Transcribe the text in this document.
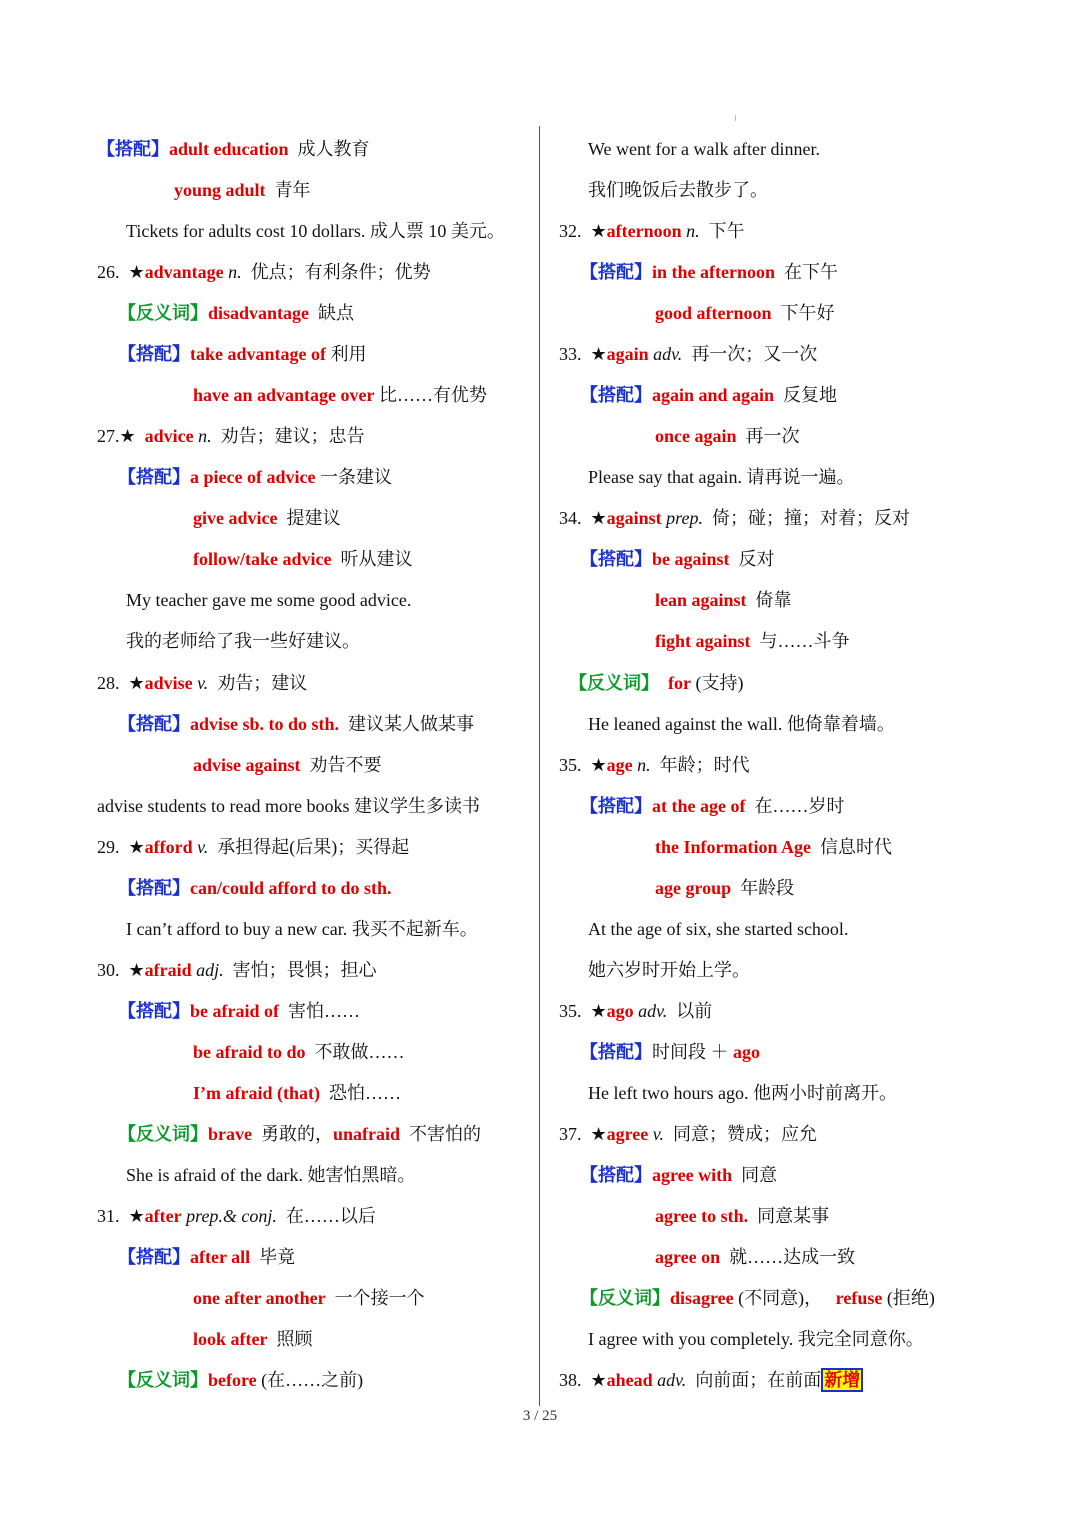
【搭配】adult education 成人教育
young adult 青年
Tickets for adults cost 10 dollars. 成人票 10 美元。
26. ★advantage n. 优点；有利条件；优势
【反义词】disadvantage 缺点
【搭配】take advantage of 利用
have an advantage over 比……有优势
27.★ advice n. 劝告；建议；忠告
【搭配】a piece of advice 一条建议
give advice 提建议
follow/take advice 听从建议
My teacher gave me some good advice.
我的老师给了我一些好建议。
28. ★advise v. 劝告；建议
【搭配】advise sb. to do sth. 建议某人做某事
advise against 劝告不要
advise students to read more books 建议学生多读书
29. ★afford v. 承担得起(后果)；买得起
【搭配】can/could afford to do sth.
I can’t afford to buy a new car. 我买不起新车。
30. ★afraid adj. 害怕；畏惧；担心
【搭配】be afraid of 害怕……
be afraid to do 不敢做……
I’m afraid (that) 恐怕……
【反义词】brave 勇敢的，unafraid 不害怕的
She is afraid of the dark. 她害怕黑暗。
31. ★after prep.& conj. 在……以后
【搭配】after all 毕竟
one after another 一个接一个
look after 照顾
【反义词】before (在……之前)
We went for a walk after dinner.
我们晚饭后去散步了。
32. ★afternoon n. 下午
【搭配】in the afternoon 在下午
good afternoon 下午好
33. ★again adv. 再一次；又一次
【搭配】again and again 反复地
once again 再一次
Please say that again. 请再说一遍。
34. ★against prep. 倚；碰；撞；对着；反对
【搭配】be against 反对
lean against 倚靠
fight against 与……斗争
【反义词】 for (支持)
He leaned against the wall. 他倚靠着墙。
35. ★age n. 年龄；时代
【搭配】at the age of 在……岁时
the Information Age 信息时代
age group 年龄段
At the age of six, she started school.
她六岁时开始上学。
35. ★ago adv. 以前
【搭配】时间段 ＋ ago
He left two hours ago. 他两小时前离开。
37. ★agree v. 同意；赞成；应允
【搭配】agree with 同意
agree to sth. 同意某事
agree on 就……达成一致
【反义词】disagree (不同意)， refuse (拒绝)
I agree with you completely. 我完全同意你。
38. ★ahead adv. 向前面；在前面 新增
3 / 25
